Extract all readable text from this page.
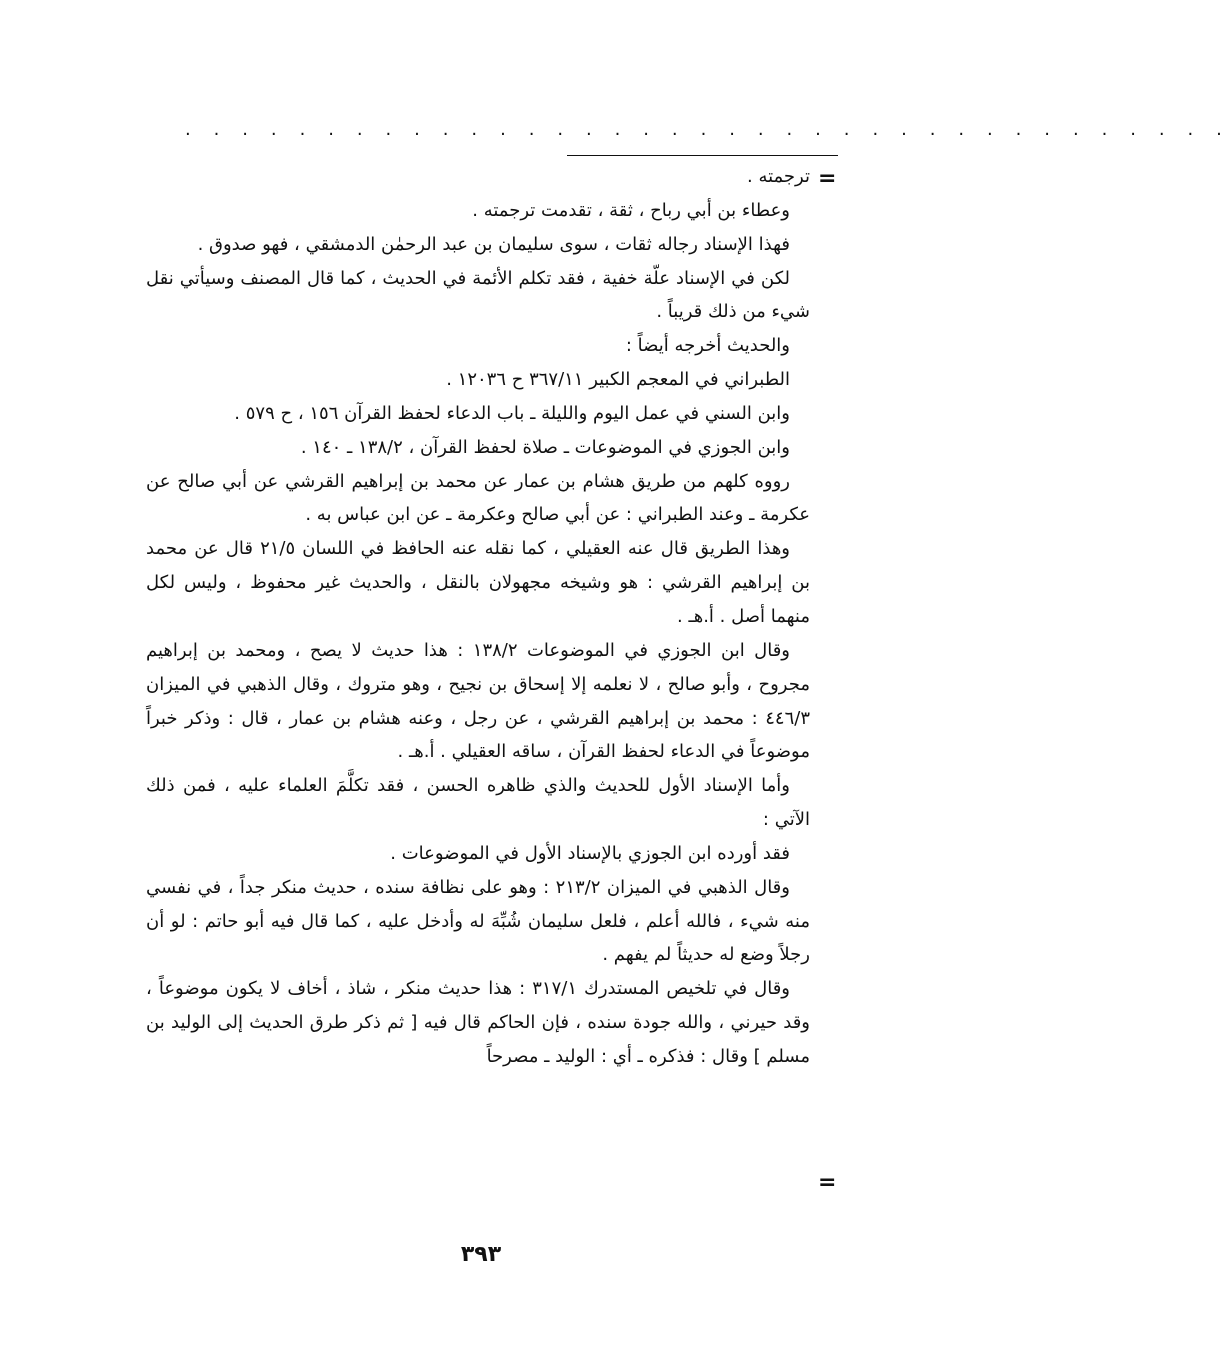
. . . . . . . . . . . . . . . . . . . . . . . . . . . . . . . . . . . . .
=

ترجمته .

وعطاء بن أبي رباح ، ثقة ، تقدمت ترجمته .

فهذا الإسناد رجاله ثقات ، سوى سليمان بن عبد الرحمٰن الدمشقي ، فهو صدوق .

لكن في الإسناد علّة خفية ، فقد تكلم الأئمة في الحديث ، كما قال المصنف وسيأتي نقل شيء من ذلك قريباً .

والحديث أخرجه أيضاً :

الطبراني في المعجم الكبير ٣٦٧/١١ ح ١٢٠٣٦ .

وابن السني في عمل اليوم والليلة ـ باب الدعاء لحفظ القرآن ١٥٦ ، ح ٥٧٩ .

وابن الجوزي في الموضوعات ـ صلاة لحفظ القرآن ، ١٣٨/٢ ـ ١٤٠ .

رووه كلهم من طريق هشام بن عمار عن محمد بن إبراهيم القرشي عن أبي صالح عن عكرمة ـ وعند الطبراني : عن أبي صالح وعكرمة ـ عن ابن عباس به .

وهذا الطريق قال عنه العقيلي ، كما نقله عنه الحافظ في اللسان ٢١/٥ قال عن محمد بن إبراهيم القرشي : هو وشيخه مجهولان بالنقل ، والحديث غير محفوظ ، وليس لكل منهما أصل . أ.هـ .

وقال ابن الجوزي في الموضوعات ١٣٨/٢ : هذا حديث لا يصح ، ومحمد بن إبراهيم مجروح ، وأبو صالح ، لا نعلمه إلا إسحاق بن نجيح ، وهو متروك ، وقال الذهبي في الميزان ٤٤٦/٣ : محمد بن إبراهيم القرشي ، عن رجل ، وعنه هشام بن عمار ، قال : وذكر خبراً موضوعاً في الدعاء لحفظ القرآن ، ساقه العقيلي . أ.هـ .

وأما الإسناد الأول للحديث والذي ظاهره الحسن ، فقد تكلَّمَ العلماء عليه ، فمن ذلك الآتي :

فقد أورده ابن الجوزي بالإسناد الأول في الموضوعات .

وقال الذهبي في الميزان ٢١٣/٢ : وهو على نظافة سنده ، حديث منكر جداً ، في نفسي منه شيء ، فالله أعلم ، فلعل سليمان شُبِّهَ له وأدخل عليه ، كما قال فيه أبو حاتم : لو أن رجلاً وضع له حديثاً لم يفهم .

وقال في تلخيص المستدرك ٣١٧/١ : هذا حديث منكر ، شاذ ، أخاف لا يكون موضوعاً ، وقد حيرني ، والله جودة سنده ، فإن الحاكم قال فيه [ ثم ذكر طرق الحديث إلى الوليد بن مسلم ] وقال : فذكره ـ أي : الوليد ـ مصرحاً

=
٣٩٣
